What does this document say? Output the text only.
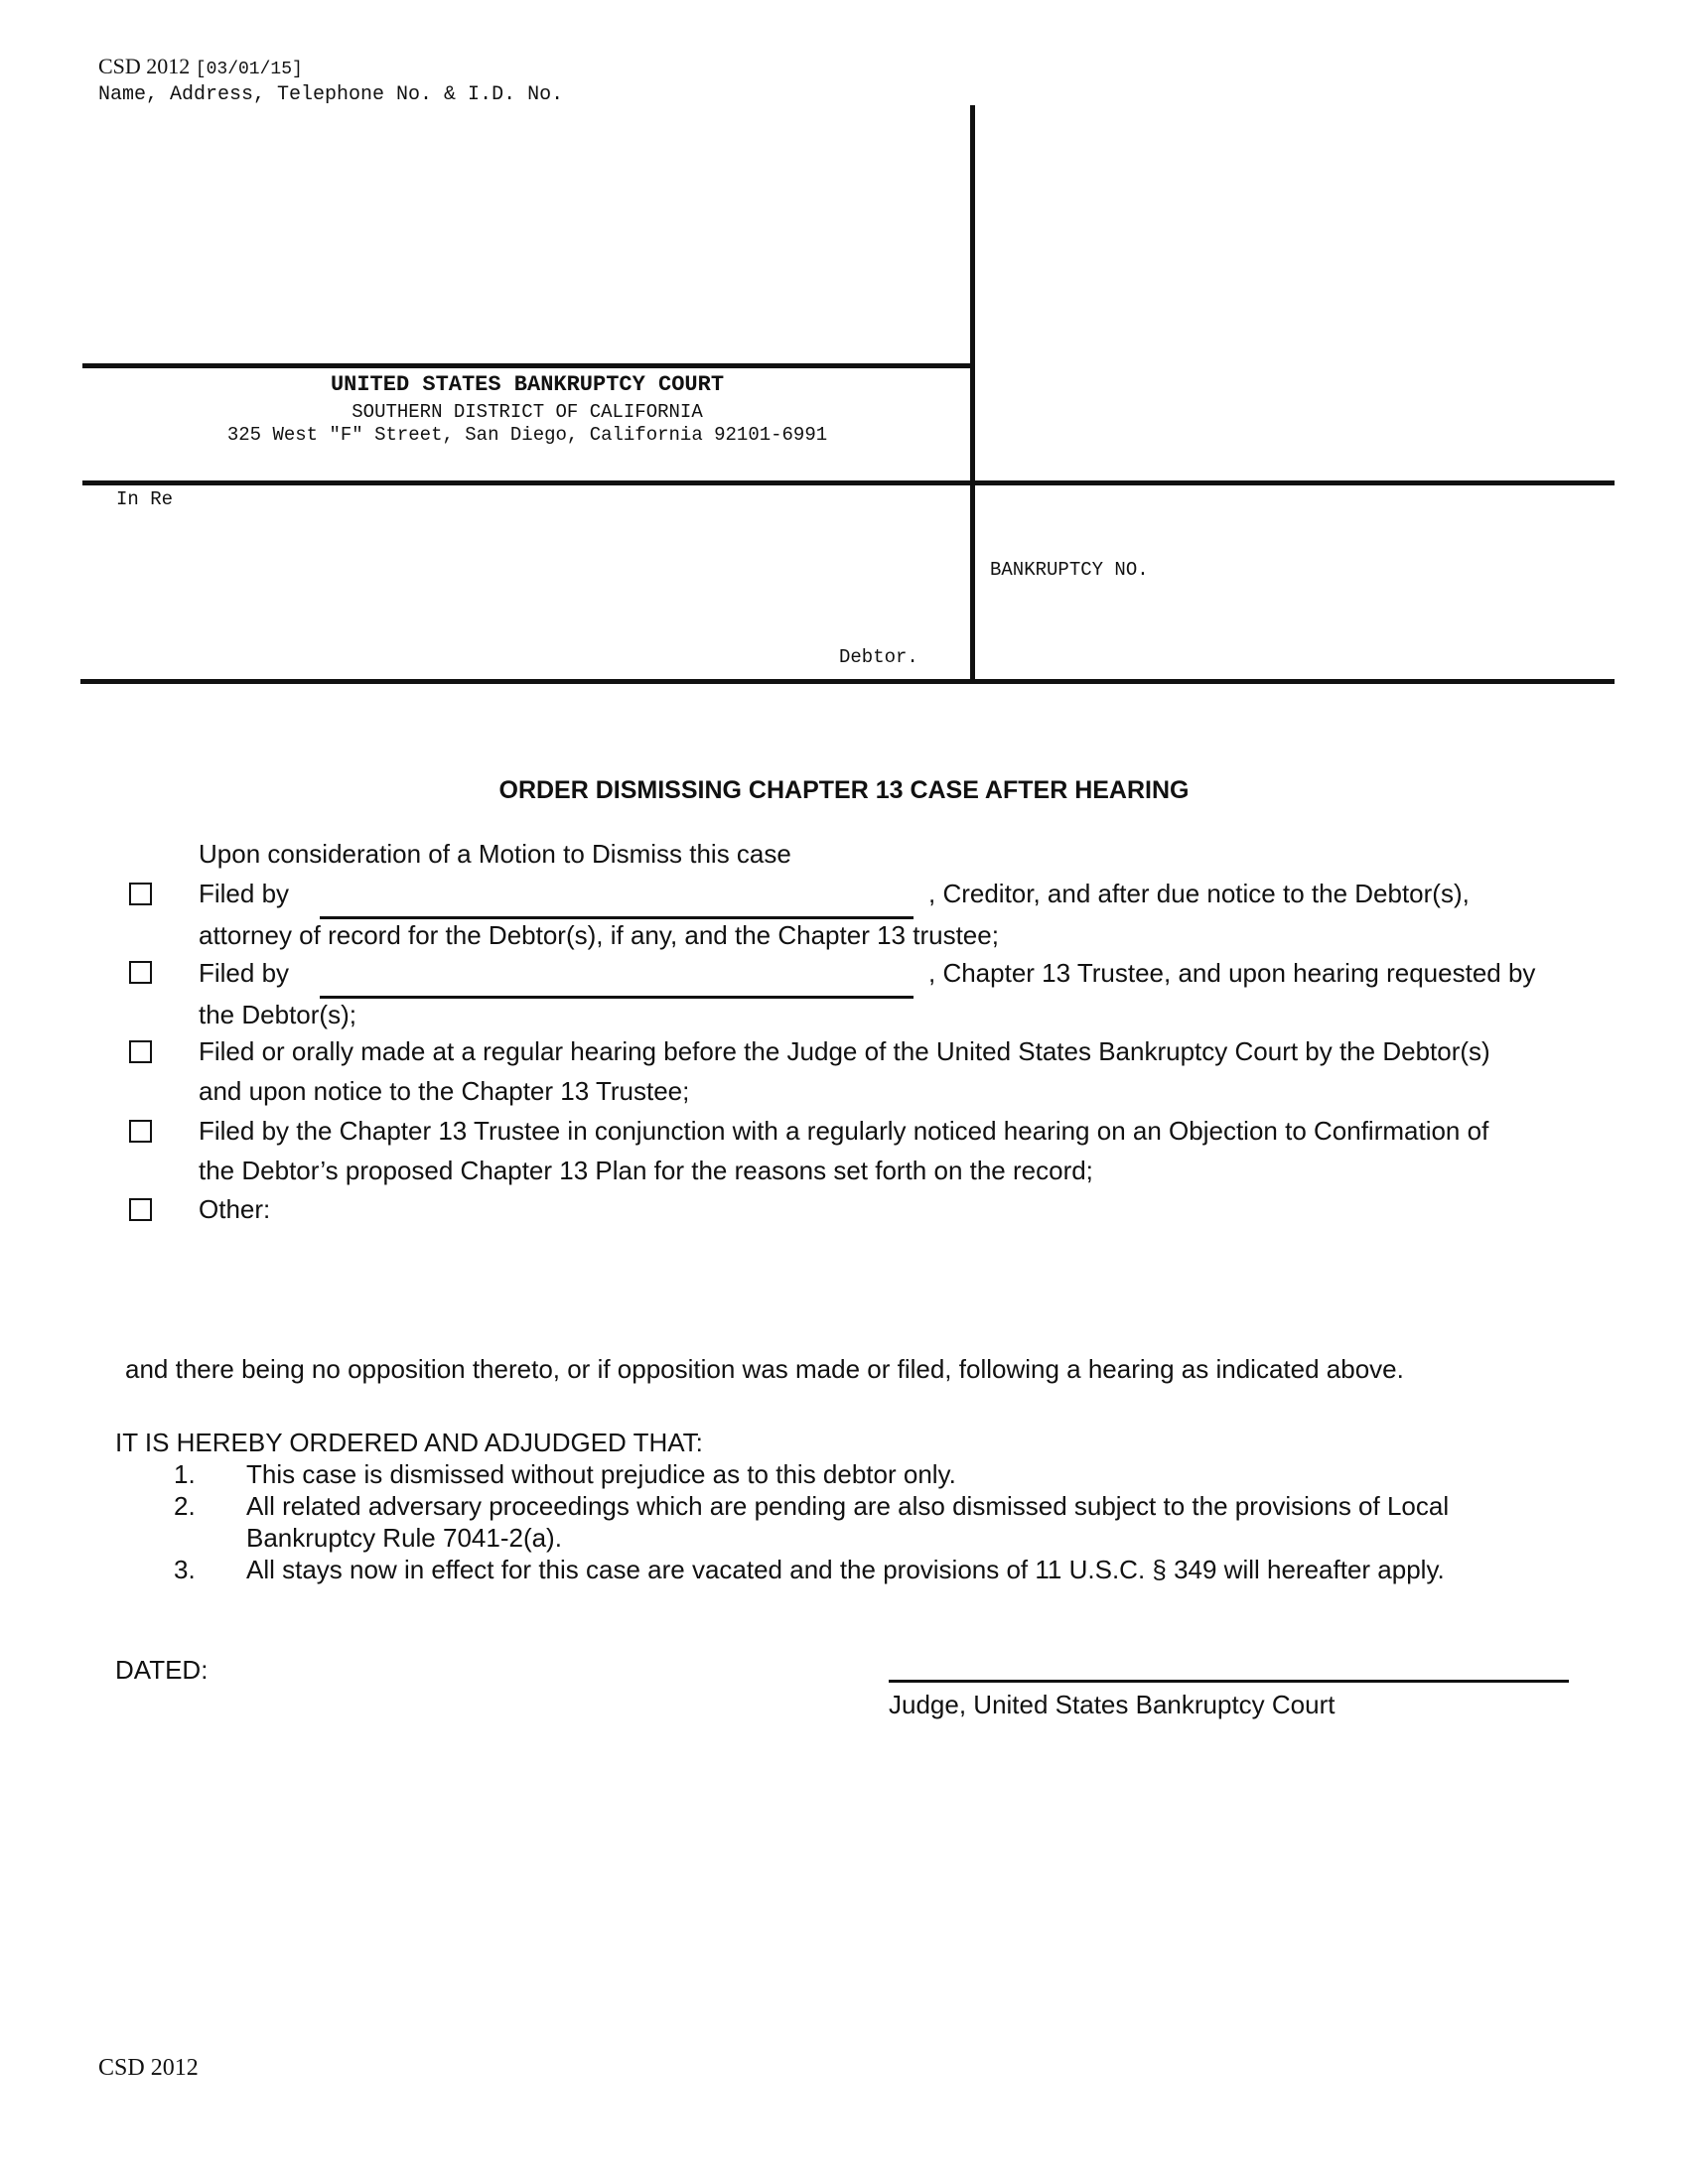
CSD 2012 [03/01/15]
Name, Address, Telephone No. & I.D. No.
UNITED STATES BANKRUPTCY COURT
SOUTHERN DISTRICT OF CALIFORNIA
325 West "F" Street, San Diego, California 92101-6991
In Re
Debtor.
BANKRUPTCY NO.
ORDER DISMISSING CHAPTER 13 CASE AFTER HEARING
Upon consideration of a Motion to Dismiss this case
Filed by	, Creditor, and after due notice to the Debtor(s),
attorney of record for the Debtor(s), if any, and the Chapter 13 trustee;
Filed by	, Chapter 13 Trustee, and upon hearing requested by
the Debtor(s);
Filed or orally made at a regular hearing before the Judge of the United States Bankruptcy Court by the Debtor(s)
and upon notice to the Chapter 13 Trustee;
Filed by the Chapter 13 Trustee in conjunction with a regularly noticed hearing on an Objection to Confirmation of
the Debtor’s proposed Chapter 13 Plan for the reasons set forth on the record;
Other:
and there being no opposition thereto, or if opposition was made or filed, following a hearing as indicated above.
IT IS HEREBY ORDERED AND ADJUDGED THAT:
1. This case is dismissed without prejudice as to this debtor only.
2. All related adversary proceedings which are pending are also dismissed subject to the provisions of Local
Bankruptcy Rule 7041-2(a).
3. All stays now in effect for this case are vacated and the provisions of 11 U.S.C. § 349 will hereafter apply.
DATED:
Judge, United States Bankruptcy Court
CSD 2012
